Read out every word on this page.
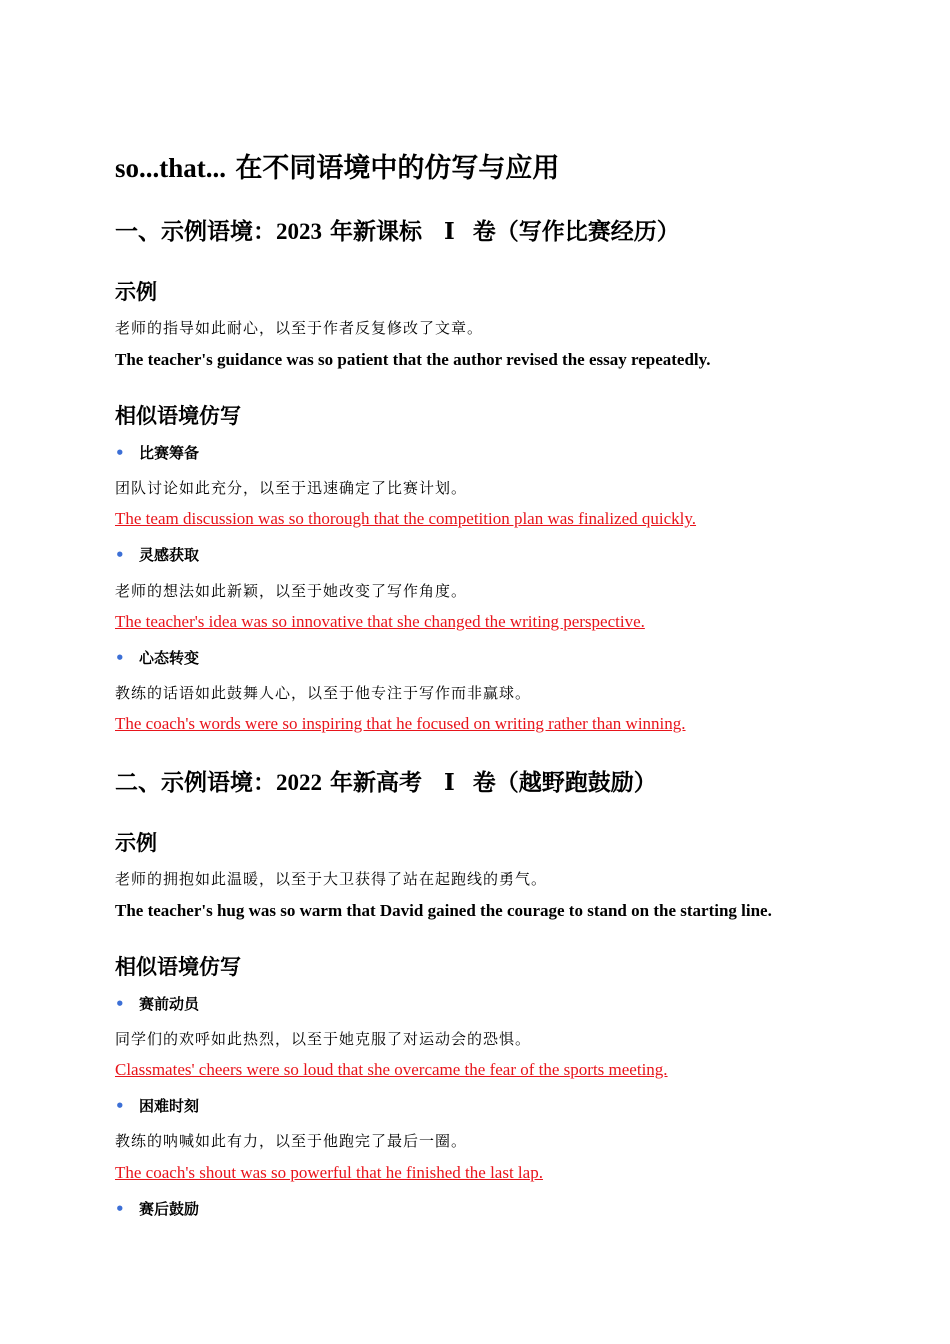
so...that... 在不同语境中的仿写与应用
一、示例语境：2023 年新课标 Ⅰ 卷（写作比赛经历）
示例
老师的指导如此耐心，以至于作者反复修改了文章。
The teacher's guidance was so patient that the author revised the essay repeatedly.
相似语境仿写
• 比赛筹备
团队讨论如此充分，以至于迅速确定了比赛计划。
The team discussion was so thorough that the competition plan was finalized quickly.
• 灵感获取
老师的想法如此新颖，以至于她改变了写作角度。
The teacher's idea was so innovative that she changed the writing perspective.
• 心态转变
教练的话语如此鼓舞人心，以至于他专注于写作而非赢球。
The coach's words were so inspiring that he focused on writing rather than winning.
二、示例语境：2022 年新高考 Ⅰ 卷（越野跑鼓励）
示例
老师的拥抱如此温暖，以至于大卫获得了站在起跑线的勇气。
The teacher's hug was so warm that David gained the courage to stand on the starting line.
相似语境仿写
• 赛前动员
同学们的欢呼如此热烈，以至于她克服了对运动会的恐惧。
Classmates' cheers were so loud that she overcame the fear of the sports meeting.
• 困难时刻
教练的呐喊如此有力，以至于他跑完了最后一圈。
The coach's shout was so powerful that he finished the last lap.
• 赛后鼓励
